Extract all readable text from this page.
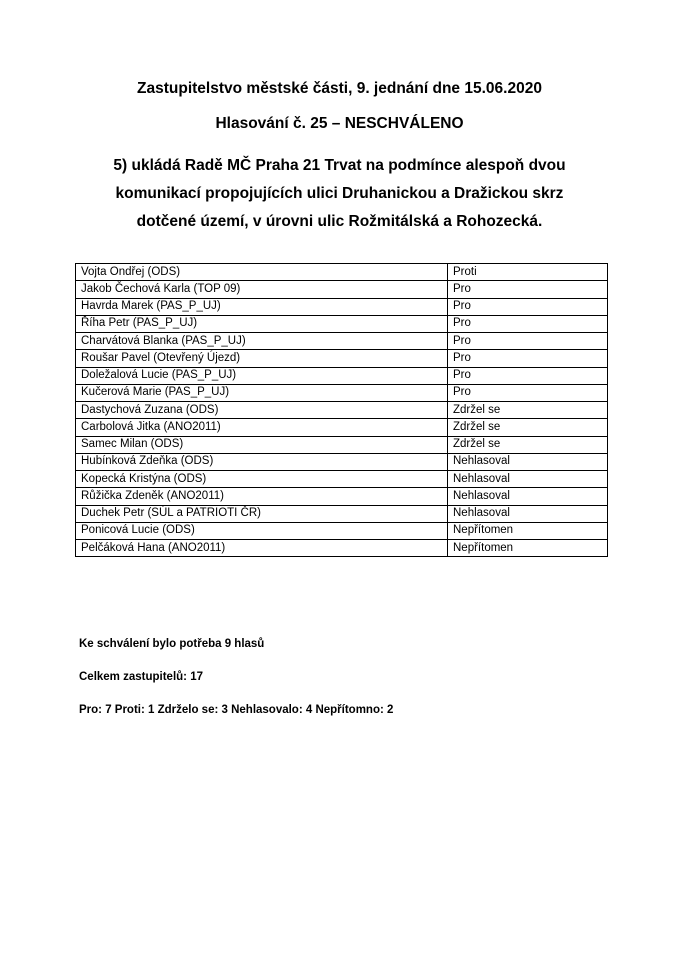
Zastupitelstvo městské části, 9. jednání dne 15.06.2020
Hlasování č. 25 – NESCHVÁLENO
5) ukládá Radě MČ Praha 21 Trvat na podmínce alespoň dvou
komunikací propojujících ulici Druhanickou a Dražickou skrz
dotčené území, v úrovni ulic Rožmitálská a Rohozecká.
Vojta Ondřej (ODS)	Proti
Jakob Čechová Karla (TOP 09)	Pro
Havrda Marek (PAS_P_UJ)	Pro
Říha Petr (PAS_P_UJ)	Pro
Charvátová Blanka (PAS_P_UJ)	Pro
Roušar Pavel (Otevřený Újezd)	Pro
Doležalová Lucie (PAS_P_UJ)	Pro
Kučerová Marie (PAS_P_UJ)	Pro
Dastychová Zuzana (ODS)	Zdržel se
Carbolová Jitka (ANO2011)	Zdržel se
Samec Milan (ODS)	Zdržel se
Hubínková Zdeňka (ODS)	Nehlasoval
Kopecká Kristýna (ODS)	Nehlasoval
Růžička Zdeněk (ANO2011)	Nehlasoval
Duchek Petr (SÚL a PATRIOTI ČR)	Nehlasoval
Ponicová Lucie (ODS)	Nepřítomen
Pelčáková Hana (ANO2011)	Nepřítomen

Ke schválení bylo potřeba 9 hlasů

Celkem zastupitelů: 17

Pro: 7 Proti: 1 Zdrželo se: 3 Nehlasovalo: 4 Nepřítomno: 2
